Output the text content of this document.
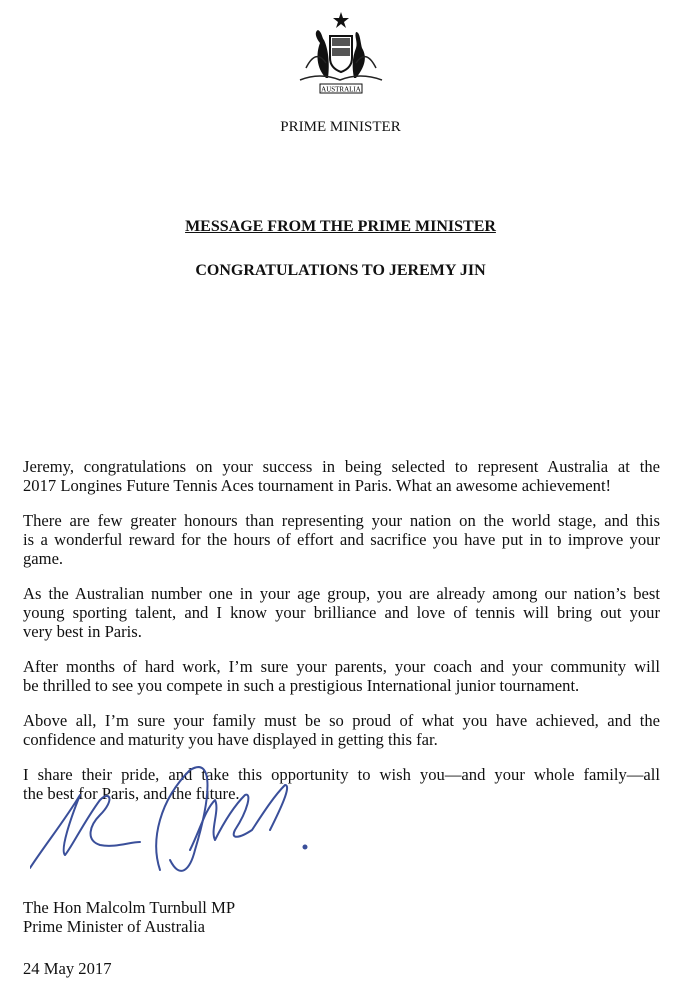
AUSTRALIA
PRIME MINISTER
MESSAGE FROM THE PRIME MINISTER
CONGRATULATIONS TO JEREMY JIN
Jeremy, congratulations on your success in being selected to represent Australia at the
2017 Longines Future Tennis Aces tournament in Paris. What an awesome achievement!
There are few greater honours than representing your nation on the world stage, and this
is a wonderful reward for the hours of effort and sacrifice you have put in to improve your
game.
As the Australian number one in your age group, you are already among our nation’s best
young sporting talent, and I know your brilliance and love of tennis will bring out your
very best in Paris.
After months of hard work, I’m sure your parents, your coach and your community will
be thrilled to see you compete in such a prestigious International junior tournament.
Above all, I’m sure your family must be so proud of what you have achieved, and the
confidence and maturity you have displayed in getting this far.
I share their pride, and take this opportunity to wish you—and your whole family—all
the best for Paris, and the future.
The Hon Malcolm Turnbull MP
Prime Minister of Australia
24 May 2017
